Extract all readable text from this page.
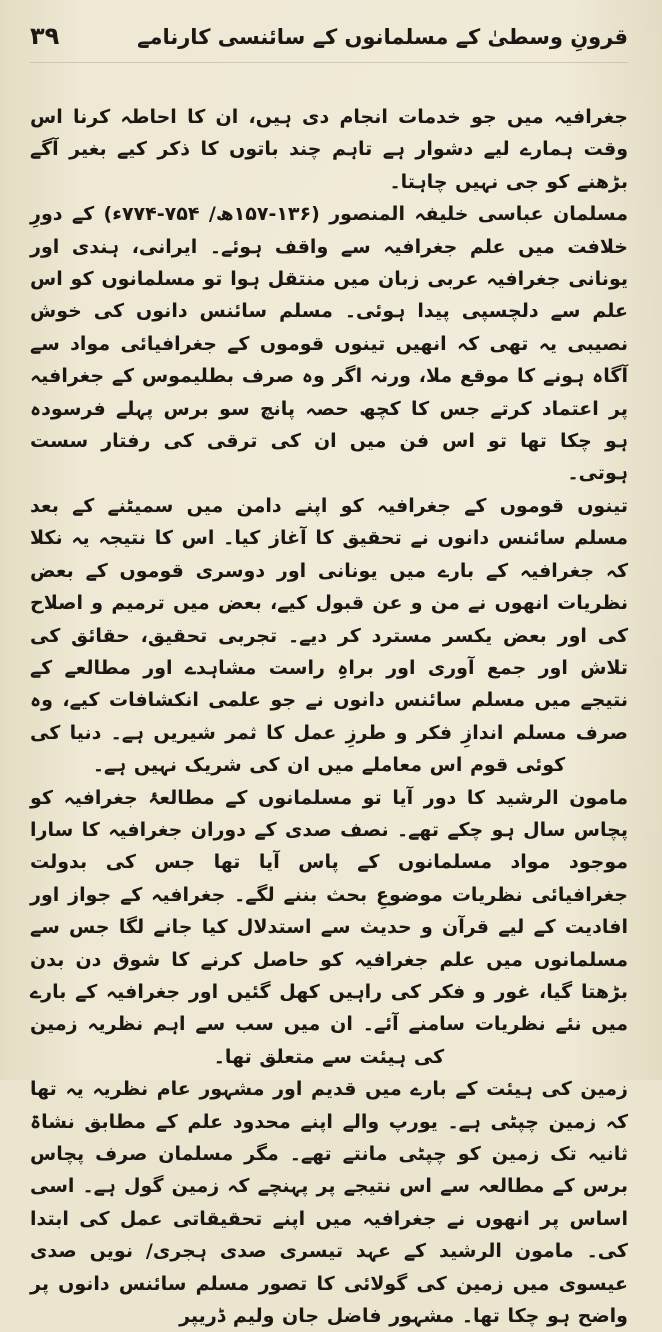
۳۹	قرونِ وسطیٰ کے مسلمانوں کے سائنسی کارنامے

جغرافیہ میں جو خدمات انجام دی ہیں، ان کا احاطہ کرنا اس وقت ہمارے لیے دشوار ہے تاہم چند باتوں کا ذکر کیے بغیر آگے بڑھنے کو جی نہیں چاہتا۔

مسلمان عباسی خلیفہ المنصور (۱۳۶-۱۵۷ھ/ ۷۵۴-۷۷۴ء) کے دورِ خلافت میں علم جغرافیہ سے واقف ہوئے۔ ایرانی، ہندی اور یونانی جغرافیہ عربی زبان میں منتقل ہوا تو مسلمانوں کو اس علم سے دلچسپی پیدا ہوئی۔ مسلم سائنس دانوں کی خوش نصیبی یہ تھی کہ انھیں تینوں قوموں کے جغرافیائی مواد سے آگاہ ہونے کا موقع ملا، ورنہ اگر وہ صرف بطلیموس کے جغرافیہ پر اعتماد کرتے جس کا کچھ حصہ پانچ سو برس پہلے فرسودہ ہو چکا تھا تو اس فن میں ان کی ترقی کی رفتار سست ہوتی۔

تینوں قوموں کے جغرافیہ کو اپنے دامن میں سمیٹنے کے بعد مسلم سائنس دانوں نے تحقیق کا آغاز کیا۔ اس کا نتیجہ یہ نکلا کہ جغرافیہ کے بارے میں یونانی اور دوسری قوموں کے بعض نظریات انھوں نے من و عن قبول کیے، بعض میں ترمیم و اصلاح کی اور بعض یکسر مسترد کر دیے۔ تجربی تحقیق، حقائق کی تلاش اور جمع آوری اور براہِ راست مشاہدے اور مطالعے کے نتیجے میں مسلم سائنس دانوں نے جو علمی انکشافات کیے، وہ صرف مسلم اندازِ فکر و طرزِ عمل کا ثمر شیریں ہے۔ دنیا کی کوئی قوم اس معاملے میں ان کی شریک نہیں ہے۔

مامون الرشید کا دور آیا تو مسلمانوں کے مطالعۂ جغرافیہ کو پچاس سال ہو چکے تھے۔ نصف صدی کے دوران جغرافیہ کا سارا موجود مواد مسلمانوں کے پاس آیا تھا جس کی بدولت جغرافیائی نظریات موضوعِ بحث بننے لگے۔ جغرافیہ کے جواز اور افادیت کے لیے قرآن و حدیث سے استدلال کیا جانے لگا جس سے مسلمانوں میں علم جغرافیہ کو حاصل کرنے کا شوق دن بدن بڑھتا گیا، غور و فکر کی راہیں کھل گئیں اور جغرافیہ کے بارے میں نئے نظریات سامنے آئے۔ ان میں سب سے اہم نظریہ زمین کی ہیئت سے متعلق تھا۔

زمین کی ہیئت کے بارے میں قدیم اور مشہور عام نظریہ یہ تھا کہ زمین چپٹی ہے۔ یورپ والے اپنے محدود علم کے مطابق نشاۃ ثانیہ تک زمین کو چپٹی مانتے تھے۔ مگر مسلمان صرف پچاس برس کے مطالعہ سے اس نتیجے پر پہنچے کہ زمین گول ہے۔ اسی اساس پر انھوں نے جغرافیہ میں اپنے تحقیقاتی عمل کی ابتدا کی۔ مامون الرشید کے عہد تیسری صدی ہجری/ نویں صدی عیسوی میں زمین کی گولائی کا تصور مسلم سائنس دانوں پر واضح ہو چکا تھا۔ مشہور فاضل جان ولیم ڈریپر
